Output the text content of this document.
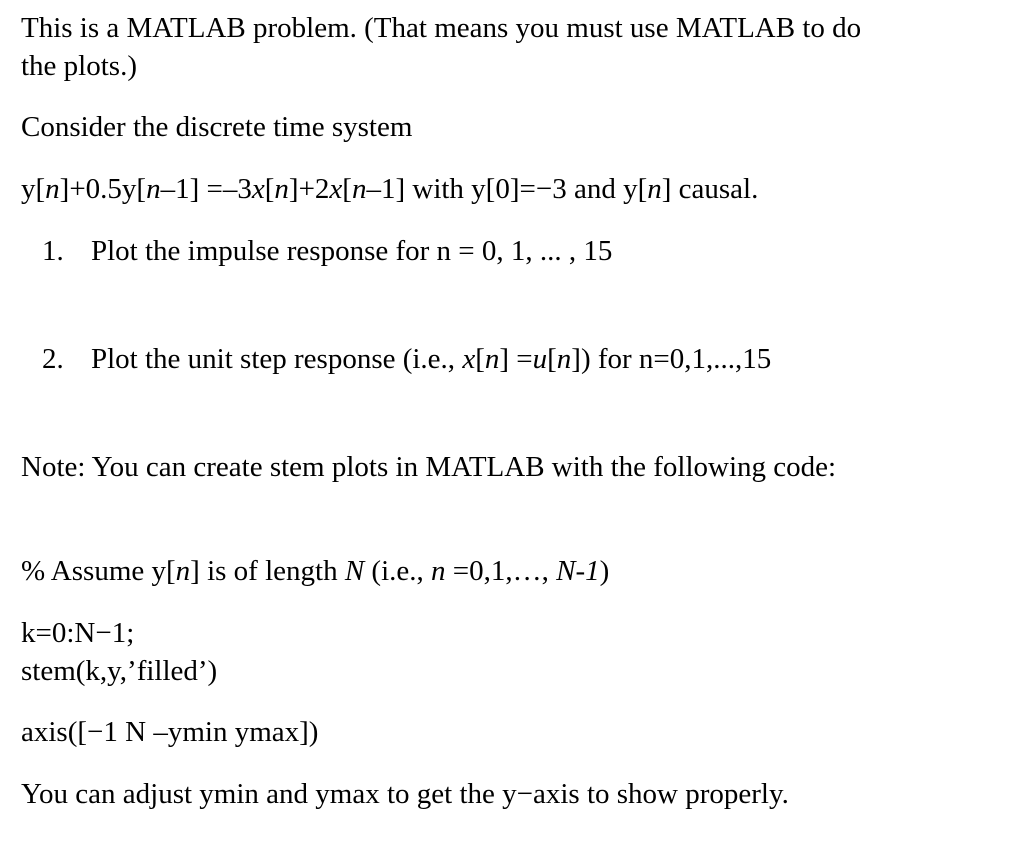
This is a MATLAB problem. (That means you must use MATLAB to do
the plots.)
Consider the discrete time system
y[n]+0.5y[n–1] =–3x[n]+2x[n–1] with y[0]=−3 and y[n] causal.
1. Plot the impulse response for n = 0, 1, ... , 15
2. Plot the unit step response (i.e., x[n] =u[n]) for n=0,1,...,15
Note: You can create stem plots in MATLAB with the following code:
% Assume y[n] is of length N (i.e., n =0,1,…, N-1)
k=0:N−1;
stem(k,y,’filled’)
axis([−1 N –ymin ymax])
You can adjust ymin and ymax to get the y−axis to show properly.
